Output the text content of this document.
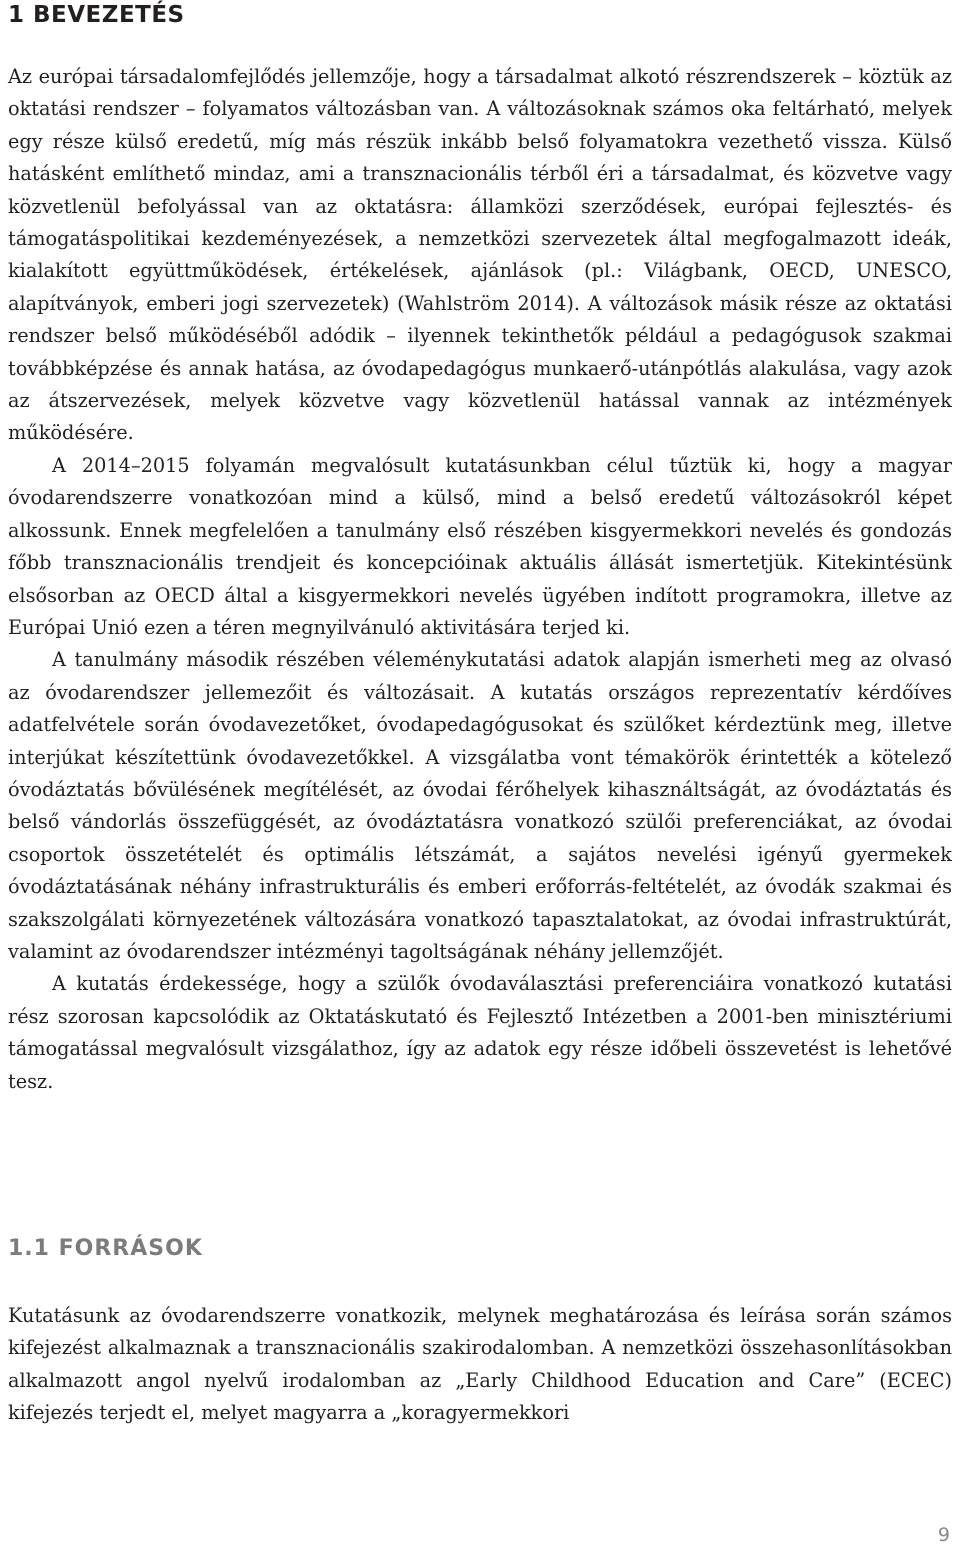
1 BEVEZETÉS

Az európai társadalomfejlődés jellemzője, hogy a társadalmat alkotó részrendszerek – köztük az oktatási rendszer – folyamatos változásban van. A változásoknak számos oka feltárható, melyek egy része külső eredetű, míg más részük inkább belső folyamatokra vezethető vissza. Külső hatásként említhető mindaz, ami a transznacionális térből éri a társadalmat, és közvetve vagy közvetlenül befolyással van az oktatásra: államközi szerződések, európai fejlesztés- és támogatáspolitikai kezdeményezések, a nemzetközi szervezetek által megfogalmazott ideák, kialakított együttműködések, értékelések, ajánlások (pl.: Világbank, OECD, UNESCO, alapítványok, emberi jogi szervezetek) (Wahlström 2014). A változások másik része az oktatási rendszer belső működéséből adódik – ilyennek tekinthetők például a pedagógusok szakmai továbbképzése és annak hatása, az óvodapedagógus munkaerő-utánpótlás alakulása, vagy azok az átszervezések, melyek közvetve vagy közvetlenül hatással vannak az intézmények működésére.

A 2014–2015 folyamán megvalósult kutatásunkban célul tűztük ki, hogy a magyar óvodarendszerre vonatkozóan mind a külső, mind a belső eredetű változásokról képet alkossunk. Ennek megfelelően a tanulmány első részében kisgyermekkori nevelés és gondozás főbb transznacionális trendjeit és koncepcióinak aktuális állását ismertetjük. Kitekintésünk elsősorban az OECD által a kisgyermekkori nevelés ügyében indított programokra, illetve az Európai Unió ezen a téren megnyilvánuló aktivitására terjed ki.

A tanulmány második részében véleménykutatási adatok alapján ismerheti meg az olvasó az óvodarendszer jellemezőit és változásait. A kutatás országos reprezentatív kérdőíves adatfelvétele során óvodavezetőket, óvodapedagógusokat és szülőket kérdeztünk meg, illetve interjúkat készítettünk óvodavezetőkkel. A vizsgálatba vont témakörök érintették a kötelező óvodáztatás bővülésének megítélését, az óvodai férőhelyek kihasználtságát, az óvodáztatás és belső vándorlás összefüggését, az óvodáztatásra vonatkozó szülői preferenciákat, az óvodai csoportok összetételét és optimális létszámát, a sajátos nevelési igényű gyermekek óvodáztatásának néhány infrastrukturális és emberi erőforrás-feltételét, az óvodák szakmai és szakszolgálati környezetének változására vonatkozó tapasztalatokat, az óvodai infrastruktúrát, valamint az óvodarendszer intézményi tagoltságának néhány jellemzőjét.

A kutatás érdekessége, hogy a szülők óvodaválasztási preferenciáira vonatkozó kutatási rész szorosan kapcsolódik az Oktatáskutató és Fejlesztő Intézetben a 2001-ben minisztériumi támogatással megvalósult vizsgálathoz, így az adatok egy része időbeli összevetést is lehetővé tesz.

1.1 FORRÁSOK

Kutatásunk az óvodarendszerre vonatkozik, melynek meghatározása és leírása során számos kifejezést alkalmaznak a transznacionális szakirodalomban. A nemzetközi összehasonlításokban alkalmazott angol nyelvű irodalomban az „Early Childhood Education and Care” (ECEC) kifejezés terjedt el, melyet magyarra a „koragyermekkori

9
